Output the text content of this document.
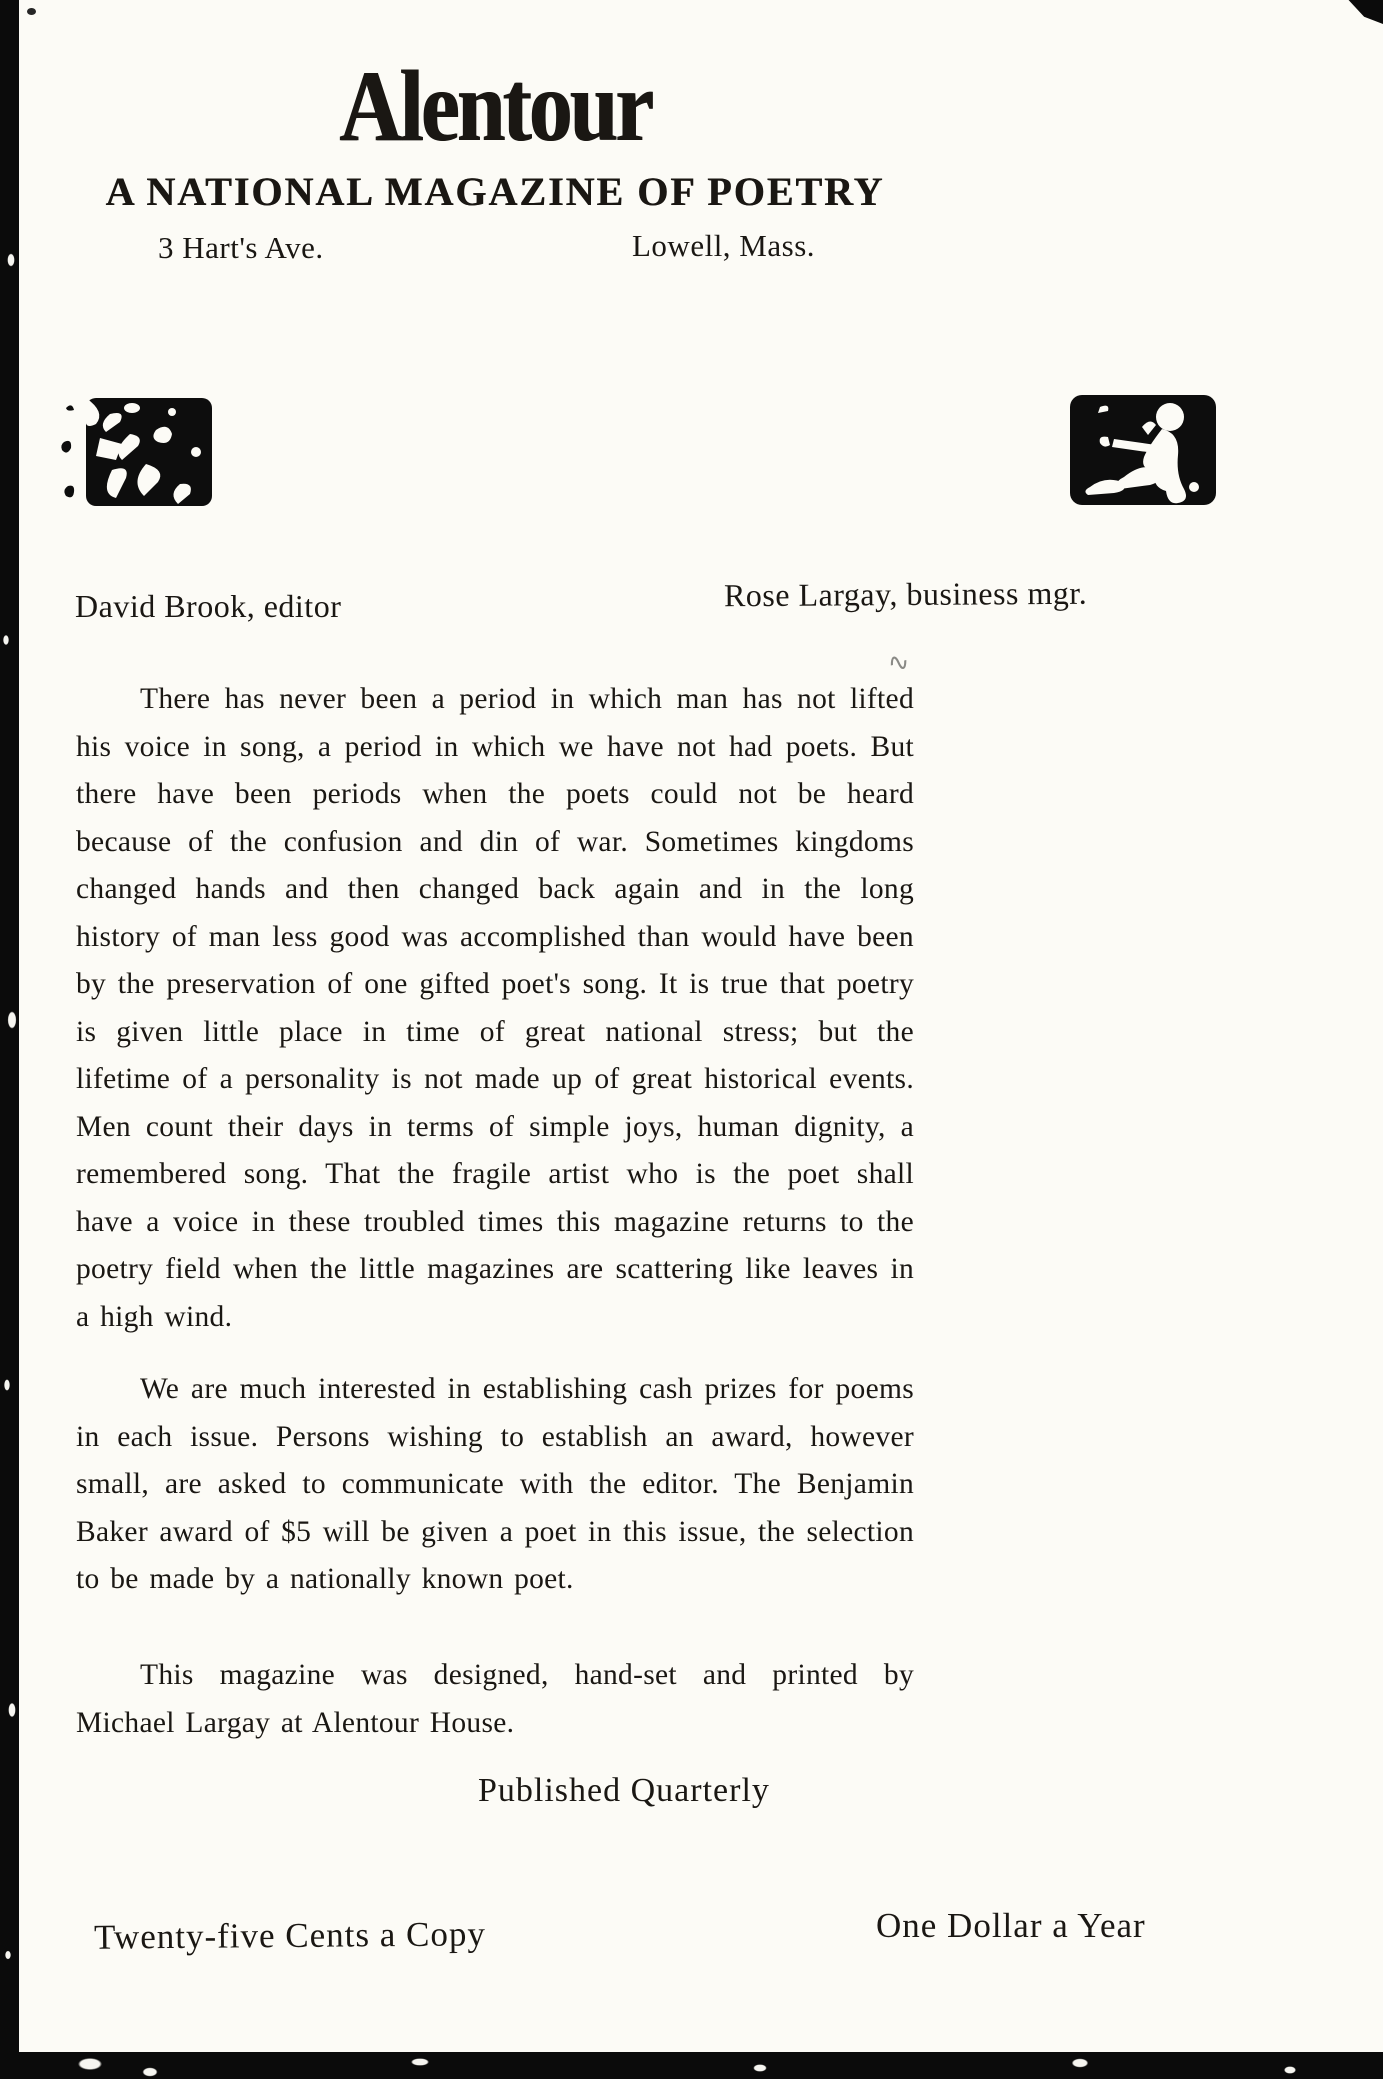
Alentour
A NATIONAL MAGAZINE OF POETRY
3 Hart's Ave.	Lowell, Mass.
David Brook, editor	Rose Largay, business mgr.
∿

There has never been a period in which man has not lifted his voice in song, a period in which we have not had poets. But there have been periods when the poets could not be heard because of the confusion and din of war. Sometimes kingdoms changed hands and then changed back again and in the long history of man less good was accomplished than would have been by the preservation of one gifted poet's song. It is true that poetry is given little place in time of great national stress; but the lifetime of a personality is not made up of great historical events. Men count their days in terms of simple joys, human dignity, a remembered song. That the fragile artist who is the poet shall have a voice in these troubled times this magazine returns to the poetry field when the little magazines are scattering like leaves in a high wind.

We are much interested in establishing cash prizes for poems in each issue. Persons wishing to establish an award, however small, are asked to communicate with the editor. The Benjamin Baker award of $5 will be given a poet in this issue, the selection to be made by a nationally known poet.

This magazine was designed, hand-set and printed by Michael Largay at Alentour House.

Published Quarterly
Twenty-five Cents a Copy	One Dollar a Year
